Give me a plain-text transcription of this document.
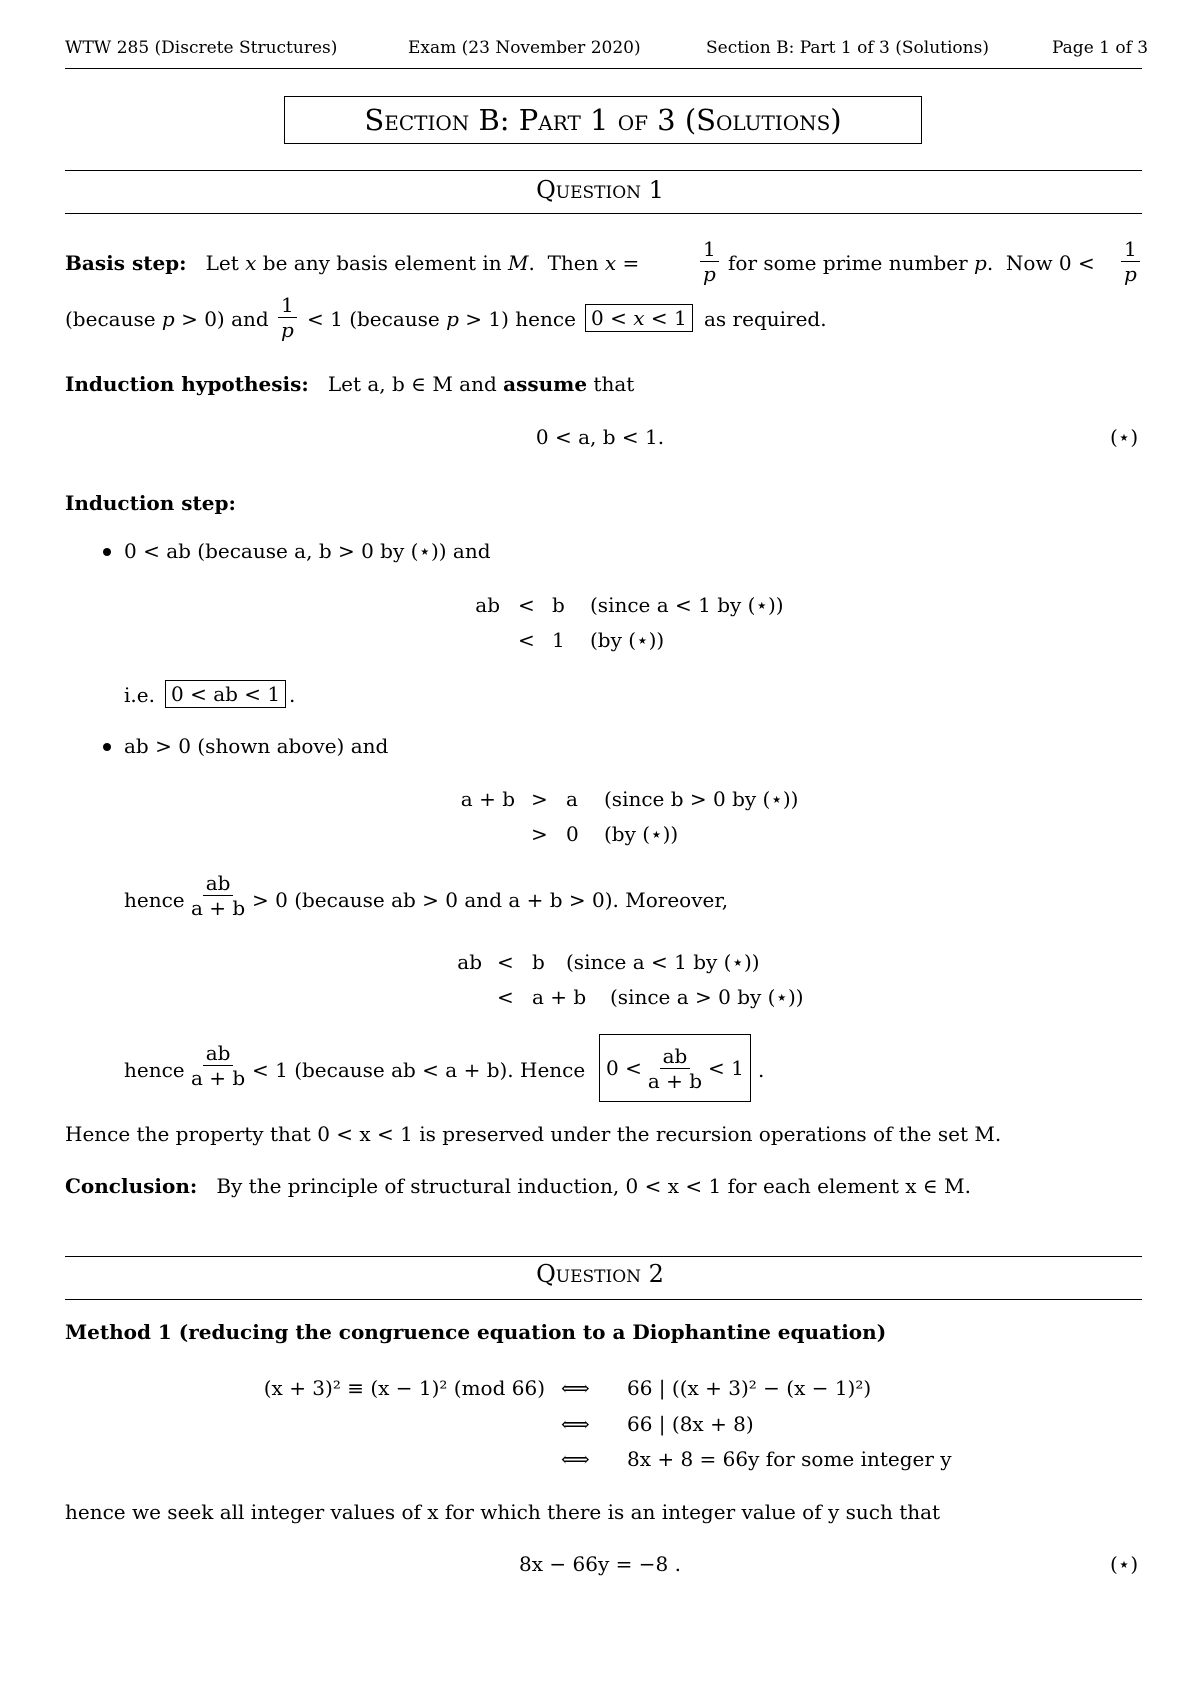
WTW 285 (Discrete Structures)	Exam (23 November 2020)	Section B: Part 1 of 3 (Solutions)	Page 1 of 3
Section B: Part 1 of 3 (Solutions)
Question 1
Basis step:   Let x be any basis element in M.  Then x =	$\frac{1}{p}$ for some prime number p.  Now $0 < \frac{1}{p}$
(because p > 0) and $\frac{1}{p} < 1$ (because p > 1) hence 0 < x < 1 as required.
Induction hypothesis: Let a, b ∈ M and assume that
0 < a, b < 1.	(⋆)
Induction step:
0 < ab (because a, b > 0 by (⋆)) and
ab < b (since a < 1 by (⋆))
< 1 (by (⋆))
i.e. 0 < ab < 1 .
ab > 0 (shown above) and
a + b > a (since b > 0 by (⋆))
> 0 (by (⋆))
hence $\frac{ab}{a + b} > 0$ (because ab > 0 and a + b > 0). Moreover,
ab < b (since a < 1 by (⋆))
< a + b (since a > 0 by (⋆))
hence $\frac{ab}{a + b} < 1$ (because ab < a + b). Hence $0 < \frac{ab}{a + b} < 1$ .
Hence the property that 0 < x < 1 is preserved under the recursion operations of the set M.
Conclusion: By the principle of structural induction, 0 < x < 1 for each element x ∈ M.
Question 2
Method 1 (reducing the congruence equation to a Diophantine equation)
(x + 3)² ≡ (x − 1)² (mod 66) ⟺ 66 | ((x + 3)² − (x − 1)²)
⟺ 66 | (8x + 8)
⟺ 8x + 8 = 66y for some integer y
hence we seek all integer values of x for which there is an integer value of y such that
8x − 66y = −8 .	(⋆)
